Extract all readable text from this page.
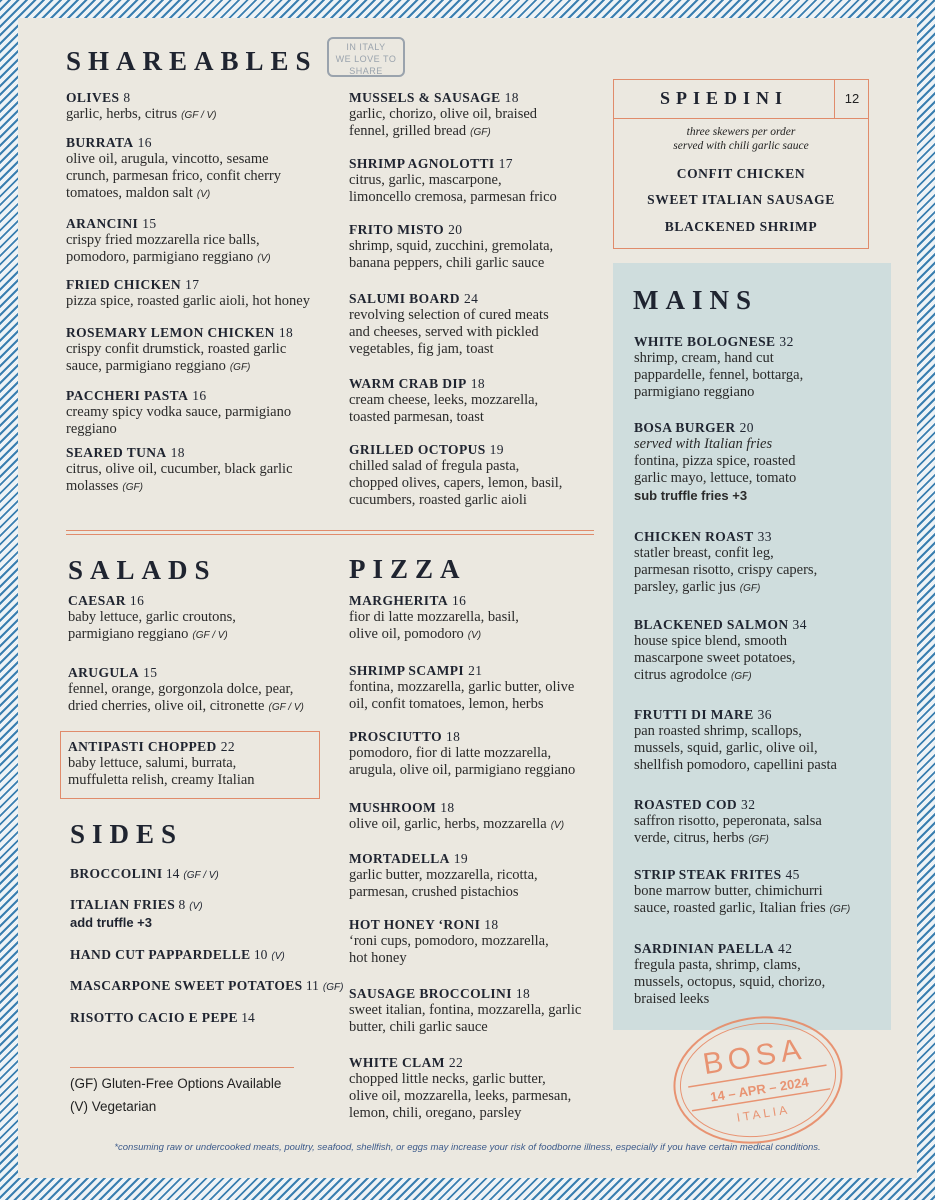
SHAREABLES	IN ITALY
WE LOVE TO
SHARE
OLIVES 8
garlic, herbs, citrus (GF / V)
BURRATA 16
olive oil, arugula, vincotto, sesame
crunch, parmesan frico, confit cherry
tomatoes, maldon salt (V)
ARANCINI 15
crispy fried mozzarella rice balls,
pomodoro, parmigiano reggiano (V)
FRIED CHICKEN 17
pizza spice, roasted garlic aioli, hot honey
ROSEMARY LEMON CHICKEN 18
crispy confit drumstick, roasted garlic
sauce, parmigiano reggiano (GF)
PACCHERI PASTA 16
creamy spicy vodka sauce, parmigiano
reggiano
SEARED TUNA 18
citrus, olive oil, cucumber, black garlic
molasses (GF)
MUSSELS & SAUSAGE 18
garlic, chorizo, olive oil, braised
fennel, grilled bread (GF)
SHRIMP AGNOLOTTI 17
citrus, garlic, mascarpone,
limoncello cremosa, parmesan frico
FRITO MISTO 20
shrimp, squid, zucchini, gremolata,
banana peppers, chili garlic sauce
SALUMI BOARD 24
revolving selection of cured meats
and cheeses, served with pickled
vegetables, fig jam, toast
WARM CRAB DIP 18
cream cheese, leeks, mozzarella,
toasted parmesan, toast
GRILLED OCTOPUS 19
chilled salad of fregula pasta,
chopped olives, capers, lemon, basil,
cucumbers, roasted garlic aioli
SPIEDINI	12
three skewers per order
served with chili garlic sauce
CONFIT CHICKEN
SWEET ITALIAN SAUSAGE
BLACKENED SHRIMP
MAINS
WHITE BOLOGNESE 32
shrimp, cream, hand cut
pappardelle, fennel, bottarga,
parmigiano reggiano
BOSA BURGER 20
served with Italian fries
fontina, pizza spice, roasted
garlic mayo, lettuce, tomato
sub truffle fries +3
CHICKEN ROAST 33
statler breast, confit leg,
parmesan risotto, crispy capers,
parsley, garlic jus (GF)
BLACKENED SALMON 34
house spice blend, smooth
mascarpone sweet potatoes,
citrus agrodolce (GF)
FRUTTI DI MARE 36
pan roasted shrimp, scallops,
mussels, squid, garlic, olive oil,
shellfish pomodoro, capellini pasta
ROASTED COD 32
saffron risotto, peperonata, salsa
verde, citrus, herbs (GF)
STRIP STEAK FRITES 45
bone marrow butter, chimichurri
sauce, roasted garlic, Italian fries (GF)
SARDINIAN PAELLA 42
fregula pasta, shrimp, clams,
mussels, octopus, squid, chorizo,
braised leeks
SALADS
CAESAR 16
baby lettuce, garlic croutons,
parmigiano reggiano (GF / V)
ARUGULA 15
fennel, orange, gorgonzola dolce, pear,
dried cherries, olive oil, citronette (GF / V)
ANTIPASTI CHOPPED 22
baby lettuce, salumi, burrata,
muffuletta relish, creamy Italian
SIDES
BROCCOLINI 14 (GF / V)
ITALIAN FRIES 8 (V)
add truffle +3
HAND CUT PAPPARDELLE 10 (V)
MASCARPONE SWEET POTATOES 11 (GF)
RISOTTO CACIO E PEPE 14
(GF) Gluten-Free Options Available
(V) Vegetarian
PIZZA
MARGHERITA 16
fior di latte mozzarella, basil,
olive oil, pomodoro (V)
SHRIMP SCAMPI 21
fontina, mozzarella, garlic butter, olive
oil, confit tomatoes, lemon, herbs
PROSCIUTTO 18
pomodoro, fior di latte mozzarella,
arugula, olive oil, parmigiano reggiano
MUSHROOM 18
olive oil, garlic, herbs, mozzarella (V)
MORTADELLA 19
garlic butter, mozzarella, ricotta,
parmesan, crushed pistachios
HOT HONEY ‘RONI 18
‘roni cups, pomodoro, mozzarella,
hot honey
SAUSAGE BROCCOLINI 18
sweet italian, fontina, mozzarella, garlic
butter, chili garlic sauce
WHITE CLAM 22
chopped little necks, garlic butter,
olive oil, mozzarella, leeks, parmesan,
lemon, chili, oregano, parsley
BOSA
14 – APR – 2024
ITALIA
*consuming raw or undercooked meats, poultry, seafood, shellfish, or eggs may increase your risk of foodborne illness, especially if you have certain medical conditions.
